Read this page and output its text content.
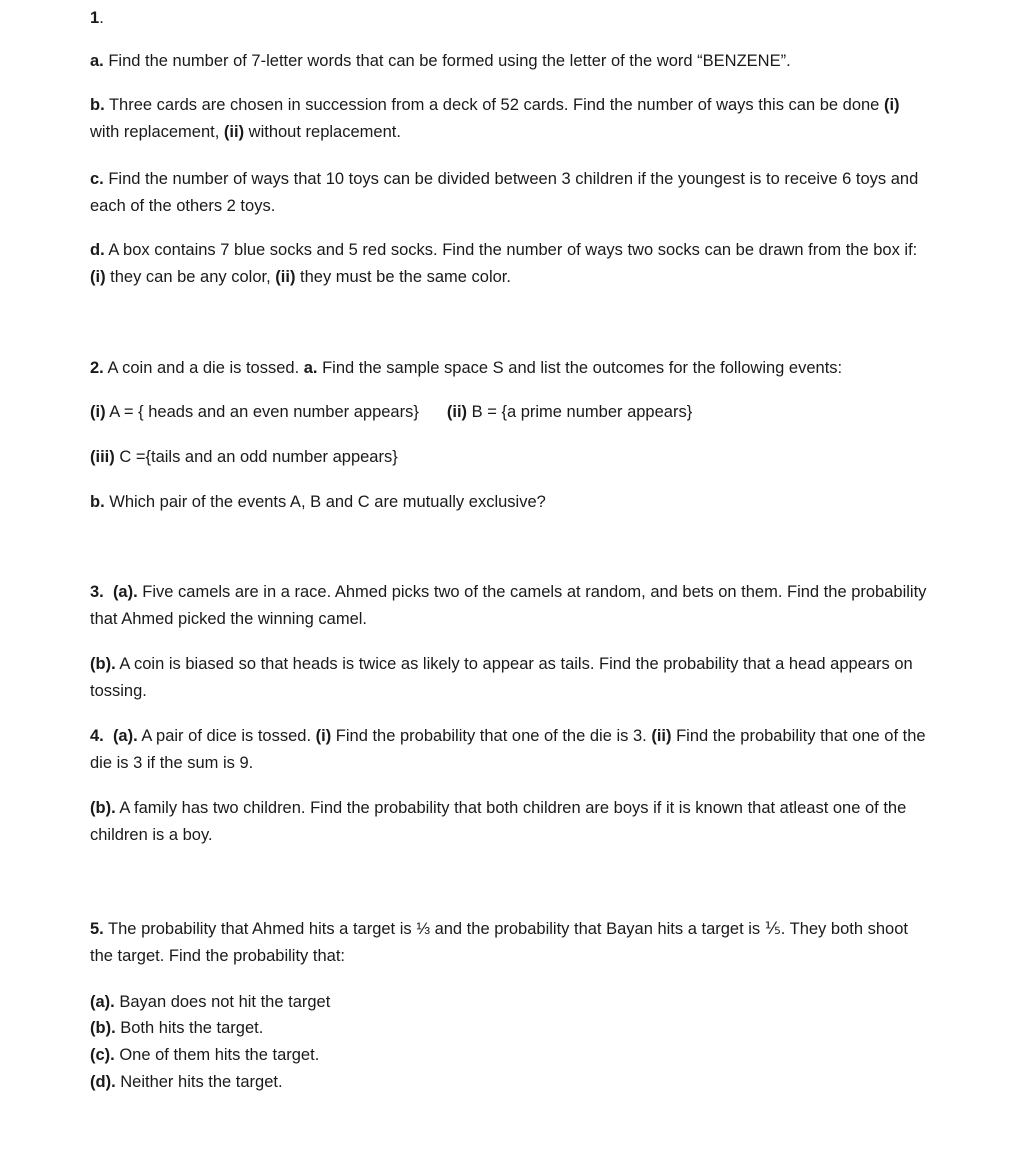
1.

a. Find the number of 7-letter words that can be formed using the letter of the word “BENZENE”.

b. Three cards are chosen in succession from a deck of 52 cards. Find the number of ways this can be done (i) with replacement, (ii) without replacement.

c. Find the number of ways that 10 toys can be divided between 3 children if the youngest is to receive 6 toys and each of the others 2 toys.

d. A box contains 7 blue socks and 5 red socks. Find the number of ways two socks can be drawn from the box if: (i) they can be any color, (ii) they must be the same color.

2. A coin and a die is tossed. a. Find the sample space S and list the outcomes for the following events:

(i) A = { heads and an even number appears} (ii) B = {a prime number appears}

(iii) C ={tails and an odd number appears}

b. Which pair of the events A, B and C are mutually exclusive?

3. (a). Five camels are in a race. Ahmed picks two of the camels at random, and bets on them. Find the probability that Ahmed picked the winning camel.

(b). A coin is biased so that heads is twice as likely to appear as tails. Find the probability that a head appears on tossing.

4. (a). A pair of dice is tossed. (i) Find the probability that one of the die is 3. (ii) Find the probability that one of the die is 3 if the sum is 9.

(b). A family has two children. Find the probability that both children are boys if it is known that atleast one of the children is a boy.

5. The probability that Ahmed hits a target is ⅓ and the probability that Bayan hits a target is ⅕. They both shoot the target. Find the probability that:

(a). Bayan does not hit the target

(b). Both hits the target.

(c). One of them hits the target.

(d). Neither hits the target.
